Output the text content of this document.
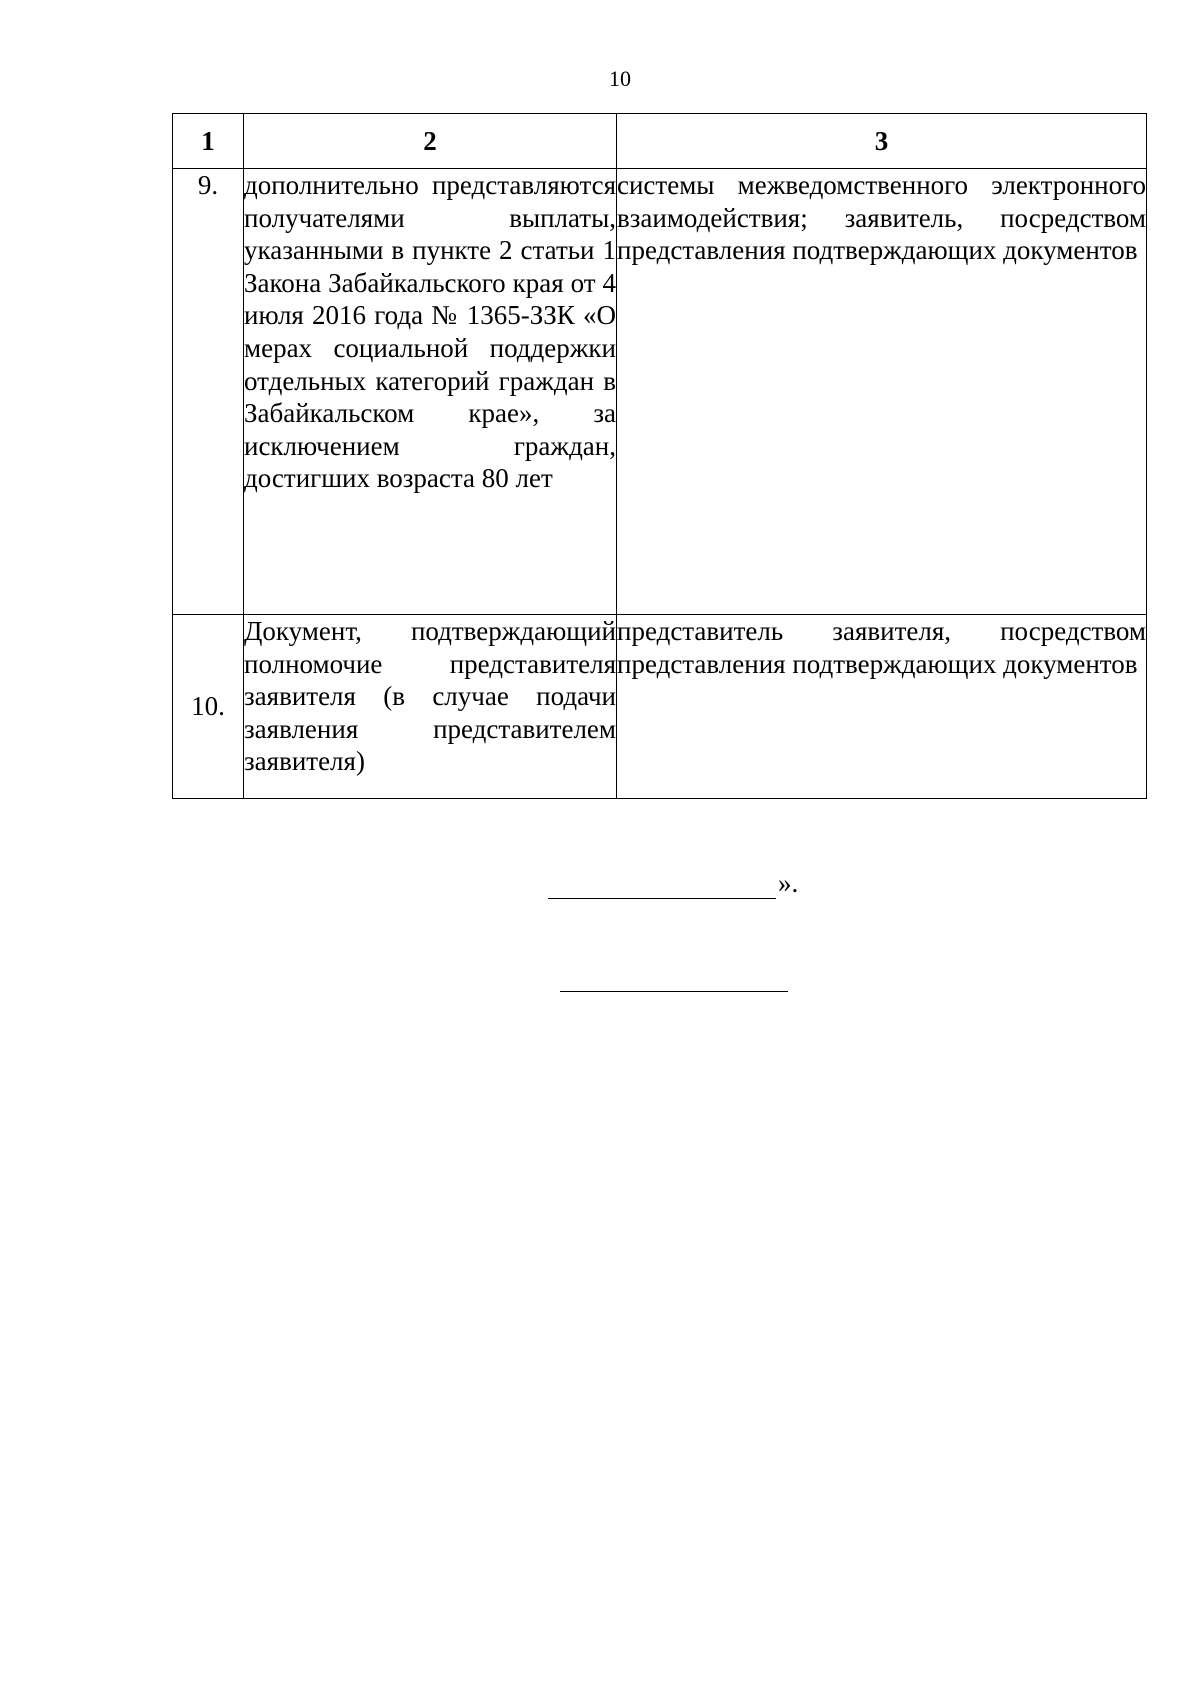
10
1	2	3
9.	дополнительно представляются получателями выплаты, указанными в пункте 2 статьи 1 Закона Забайкальского края от 4 июля 2016 года № 1365-ЗЗК «О мерах социальной поддержки отдельных категорий граждан в Забайкальском крае», за исключением граждан, достигших возраста 80 лет	системы межведомственного электронного взаимодействия; заявитель, посредством представления подтверждающих документов
10.	Документ, подтверждающий полномочие представителя заявителя (в случае подачи заявления представителем заявителя)	представитель заявителя, посредством представления подтверждающих документов
».
